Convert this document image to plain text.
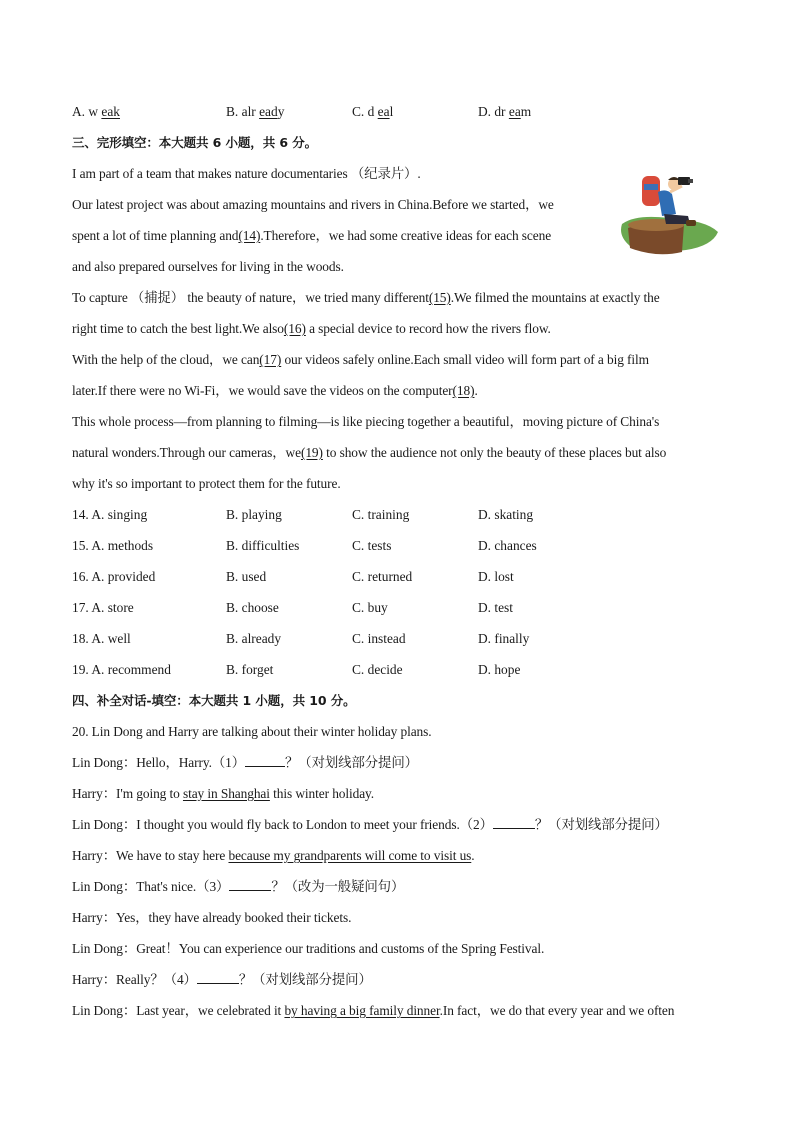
A. w eak	B. alr eady	C. d eal	D. dr eam
三、完形填空：本大题共 6 小题，共 6 分。
I am part of a team that makes nature documentaries （纪录片）.
Our latest project was about amazing mountains and rivers in China.Before we started，we
spent a lot of time planning and(14).Therefore，we had some creative ideas for each scene
and also prepared ourselves for living in the woods.
To capture （捕捉） the beauty of nature，we tried many different(15).We filmed the mountains at exactly the
right time to catch the best light.We also(16) a special device to record how the rivers flow.
With the help of the cloud，we can(17) our videos safely online.Each small video will form part of a big film
later.If there were no Wi-Fi，we would save the videos on the computer(18).
This whole process—from planning to filming—is like piecing together a beautiful，moving picture of China's
natural wonders.Through our cameras，we(19) to show the audience not only the beauty of these places but also
why it's so important to protect them for the future.
14. A. singing	B. playing	C. training	D. skating
15. A. methods	B. difficulties	C. tests	D. chances
16. A. provided	B. used	C. returned	D. lost
17. A. store	B. choose	C. buy	D. test
18. A. well	B. already	C. instead	D. finally
19. A. recommend	B. forget	C. decide	D. hope
四、补全对话-填空：本大题共 1 小题，共 10 分。
20. Lin Dong and Harry are talking about their winter holiday plans.
Lin Dong：Hello，Harry.（1）	？（对划线部分提问）
Harry：I'm going to stay in Shanghai this winter holiday.
Lin Dong：I thought you would fly back to London to meet your friends.（2）	？（对划线部分提问）
Harry：We have to stay here because my grandparents will come to visit us.
Lin Dong：That's nice.（3）	？（改为一般疑问句）
Harry：Yes，they have already booked their tickets.
Lin Dong：Great！You can experience our traditions and customs of the Spring Festival.
Harry：Really？（4）	？（对划线部分提问）
Lin Dong：Last year，we celebrated it by having a big family dinner.In fact，we do that every year and we often
